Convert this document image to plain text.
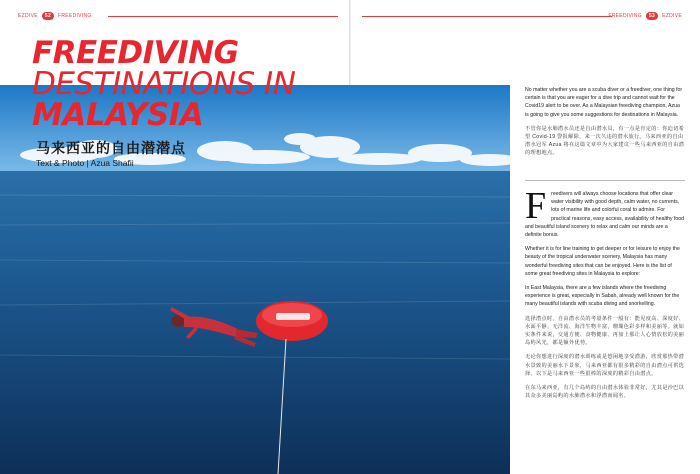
EZDIVE	52	FREEDIVING	FREEDIVING	53	EZDIVE
FREEDIVING
DESTINATIONS IN
MALAYSIA
马来西亚的自由潜潜点
Text & Photo | Azua Shafii

No matter whether you are a scuba diver or a freediver, one thing for certain is that you are eager for a dive trip and cannot wait for the Covid19 alert to be over. As a Malaysian freediving champion, Azua is going to give you some suggestions for destinations in Malaysia.

不管你是水肺潜水员还是自由潜水员，有一点是肯定的：你迫切希望 Covid-19 警报解除，来一次久违的潜水旅行。马来西亚的自由潜水冠军 Azua 将在这篇文章中为大家建议一些马来西亚的自由潜的理想地点。

Freedivers will always choose locations that offer clear water visibility with good depth, calm water, no currents, lots of marine life and colorful coral to admire. For practical reasons, easy access, availability of healthy food and beautiful island scenery to relax and calm our minds are a definite bonus.

Whether it is for line training to get deeper or for leisure to enjoy the beauty of the tropical underwater scenery, Malaysia has many wonderful freediving sites that can be enjoyed. Here is the list of some great freediving sites in Malaysia to explore:

In East Malaysia, there are a few islands where the freediving experience is great, especially in Sabah, already well known for the many beautiful islands with scuba diving and snorkelling.

选择潜点时，自由潜水员的考量条件一般有：能见度高、深度好、水面平静、无洋流、海洋生物丰富，珊瑚色彩多样和美丽等。就如实条件来说，交通方便、食物健康、再加上那让人心情放松的美丽岛屿风光，都是额外优势。

无论你想进行深度的潜水训练或是悠闲地享受潜游，欣赏那热带潜水景致的美丽水下景象，马来西亚都有很多精彩的自由潜点可供选择。以下是马来西亚一些很棒的深度的精彩自由潜点。

在东马来西亚，有几个岛屿的自由潜水体验非常好，尤其是沙巴以其众多美丽岛屿的水肺潜水和浮潜而闻名。
